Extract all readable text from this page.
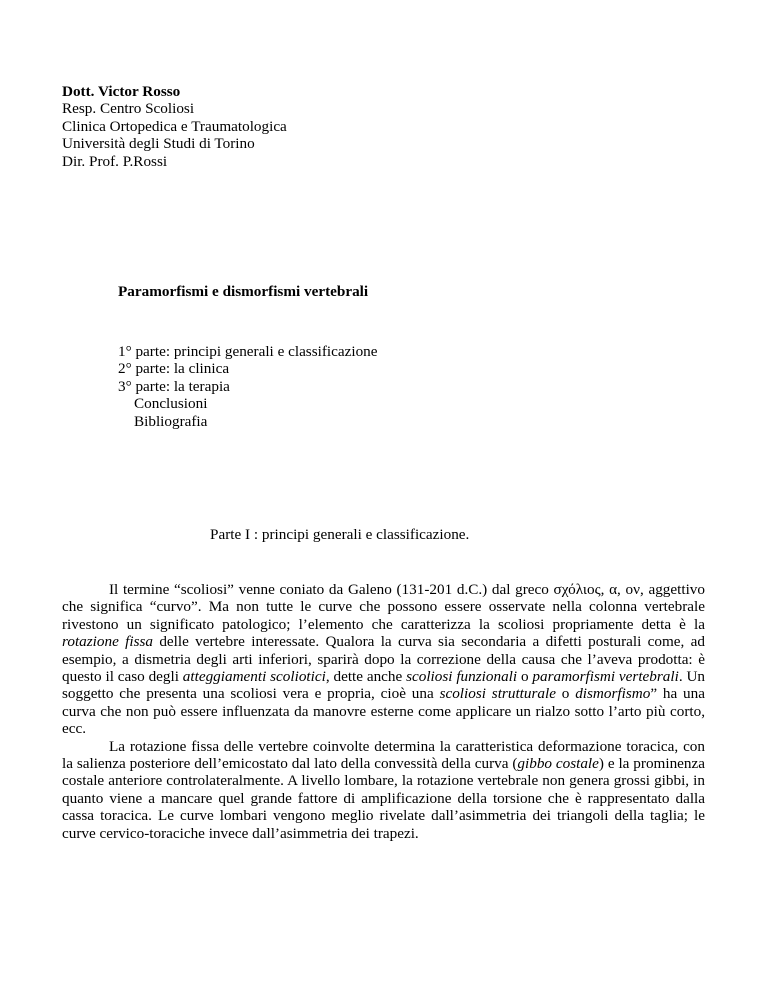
Dott. Victor Rosso
Resp. Centro Scoliosi
Clinica Ortopedica e Traumatologica
Università degli Studi di Torino
Dir. Prof. P.Rossi
Paramorfismi e dismorfismi vertebrali
1° parte: principi generali e classificazione
2° parte: la clinica
3° parte: la terapia
Conclusioni
Bibliografia
Parte I : principi generali e classificazione.

Il termine “scoliosi” venne coniato da Galeno (131-201 d.C.) dal greco σχόλιος, α, ον, aggettivo che significa “curvo”. Ma non tutte le curve che possono essere osservate nella colonna vertebrale rivestono un significato patologico; l’elemento che caratterizza la scoliosi propriamente detta è la rotazione fissa delle vertebre interessate. Qualora la curva sia secondaria a difetti posturali come, ad esempio, a dismetria degli arti inferiori, sparirà dopo la correzione della causa che l’aveva prodotta: è questo il caso degli atteggiamenti scoliotici, dette anche scoliosi funzionali o paramorfismi vertebrali. Un soggetto che presenta una scoliosi vera e propria, cioè una scoliosi strutturale o dismorfismo” ha una curva che non può essere influenzata da manovre esterne come applicare un rialzo sotto l’arto più corto, ecc.

La rotazione fissa delle vertebre coinvolte determina la caratteristica deformazione toracica, con la salienza posteriore dell’emicostato dal lato della convessità della curva (gibbo costale) e la prominenza costale anteriore controlateralmente. A livello lombare, la rotazione vertebrale non genera grossi gibbi, in quanto viene a mancare quel grande fattore di amplificazione della torsione che è rappresentato dalla cassa toracica. Le curve lombari vengono meglio rivelate dall’asimmetria dei triangoli della taglia; le curve cervico-toraciche invece dall’asimmetria dei trapezi.
